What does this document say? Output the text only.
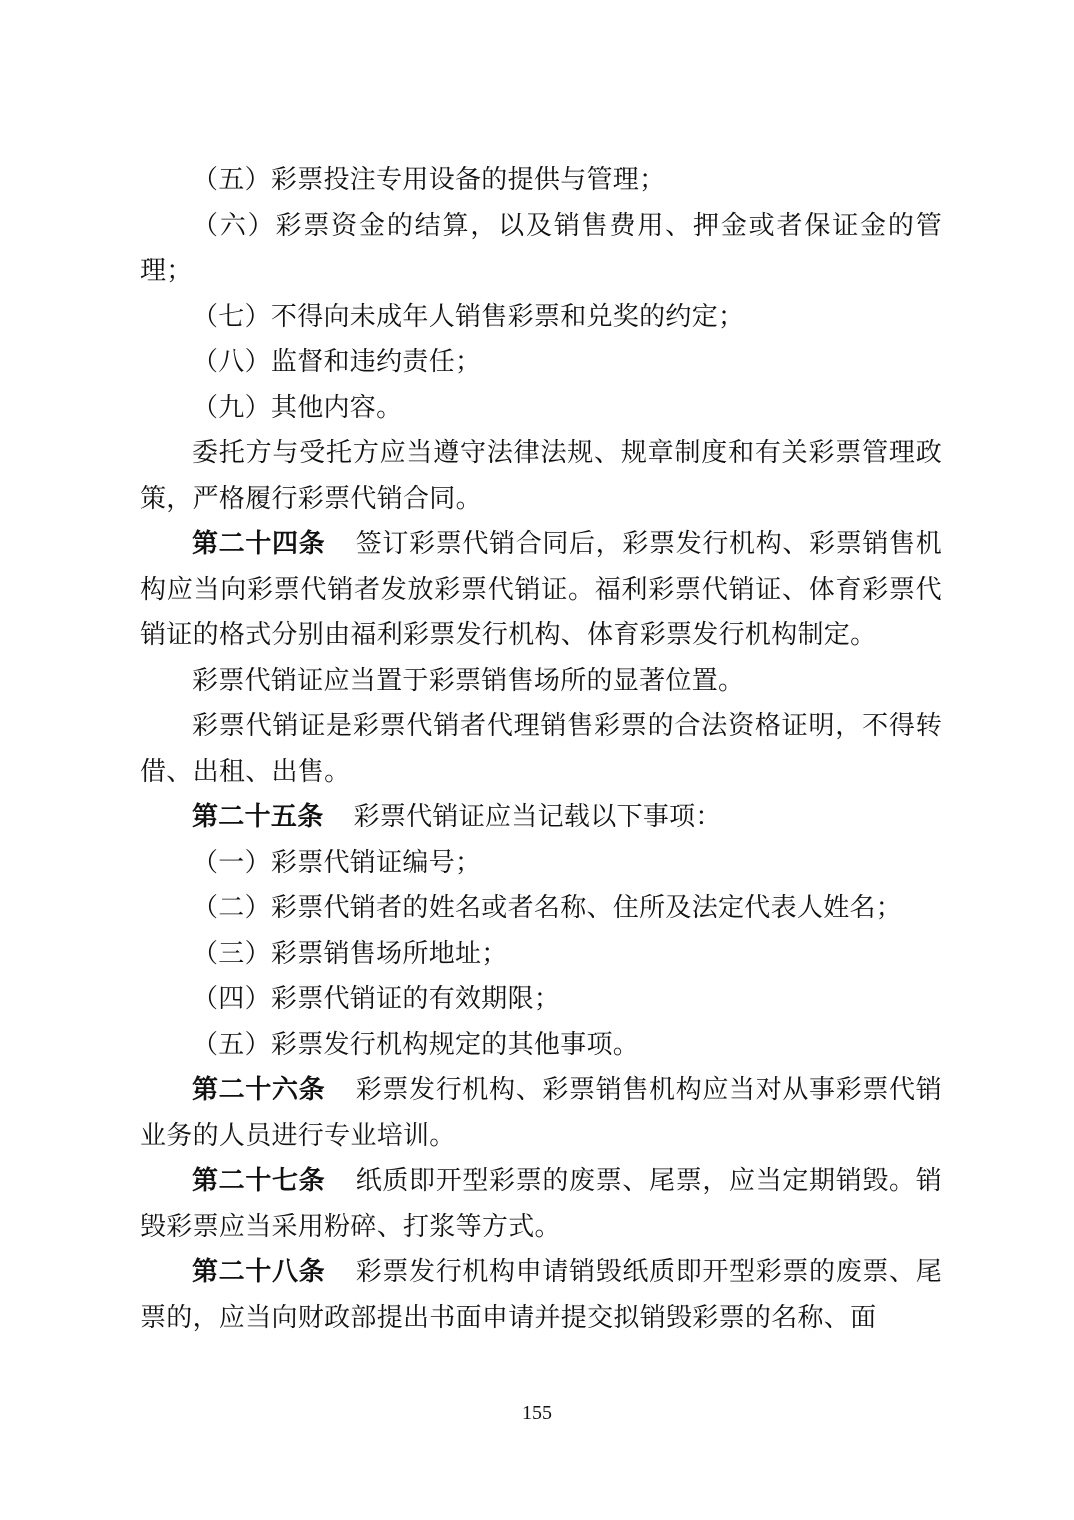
（五）彩票投注专用设备的提供与管理；

（六）彩票资金的结算，以及销售费用、押金或者保证金的管理；

（七）不得向未成年人销售彩票和兑奖的约定；

（八）监督和违约责任；

（九）其他内容。

委托方与受托方应当遵守法律法规、规章制度和有关彩票管理政策，严格履行彩票代销合同。

第二十四条 签订彩票代销合同后，彩票发行机构、彩票销售机构应当向彩票代销者发放彩票代销证。福利彩票代销证、体育彩票代销证的格式分别由福利彩票发行机构、体育彩票发行机构制定。

彩票代销证应当置于彩票销售场所的显著位置。

彩票代销证是彩票代销者代理销售彩票的合法资格证明，不得转借、出租、出售。

第二十五条 彩票代销证应当记载以下事项：

（一）彩票代销证编号；

（二）彩票代销者的姓名或者名称、住所及法定代表人姓名；

（三）彩票销售场所地址；

（四）彩票代销证的有效期限；

（五）彩票发行机构规定的其他事项。

第二十六条 彩票发行机构、彩票销售机构应当对从事彩票代销业务的人员进行专业培训。

第二十七条 纸质即开型彩票的废票、尾票，应当定期销毁。销毁彩票应当采用粉碎、打浆等方式。

第二十八条 彩票发行机构申请销毁纸质即开型彩票的废票、尾票的，应当向财政部提出书面申请并提交拟销毁彩票的名称、面

155
